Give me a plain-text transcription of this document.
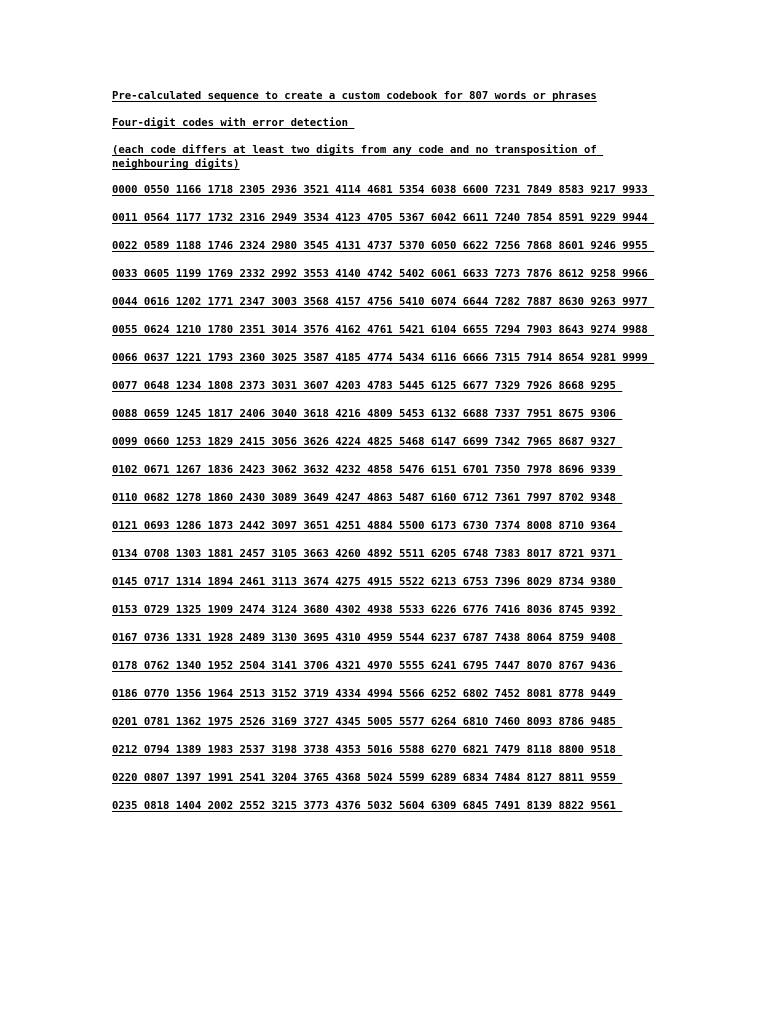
Pre-calculated sequence to create a custom codebook for 807 words or phrases

Four-digit codes with error detection

(each code differs at least two digits from any code and no transposition of neighbouring digits)

0000 0550 1166 1718 2305 2936 3521 4114 4681 5354 6038 6600 7231 7849 8583 9217 9933

0011 0564 1177 1732 2316 2949 3534 4123 4705 5367 6042 6611 7240 7854 8591 9229 9944

0022 0589 1188 1746 2324 2980 3545 4131 4737 5370 6050 6622 7256 7868 8601 9246 9955

0033 0605 1199 1769 2332 2992 3553 4140 4742 5402 6061 6633 7273 7876 8612 9258 9966

0044 0616 1202 1771 2347 3003 3568 4157 4756 5410 6074 6644 7282 7887 8630 9263 9977

0055 0624 1210 1780 2351 3014 3576 4162 4761 5421 6104 6655 7294 7903 8643 9274 9988

0066 0637 1221 1793 2360 3025 3587 4185 4774 5434 6116 6666 7315 7914 8654 9281 9999

0077 0648 1234 1808 2373 3031 3607 4203 4783 5445 6125 6677 7329 7926 8668 9295

0088 0659 1245 1817 2406 3040 3618 4216 4809 5453 6132 6688 7337 7951 8675 9306

0099 0660 1253 1829 2415 3056 3626 4224 4825 5468 6147 6699 7342 7965 8687 9327

0102 0671 1267 1836 2423 3062 3632 4232 4858 5476 6151 6701 7350 7978 8696 9339

0110 0682 1278 1860 2430 3089 3649 4247 4863 5487 6160 6712 7361 7997 8702 9348

0121 0693 1286 1873 2442 3097 3651 4251 4884 5500 6173 6730 7374 8008 8710 9364

0134 0708 1303 1881 2457 3105 3663 4260 4892 5511 6205 6748 7383 8017 8721 9371

0145 0717 1314 1894 2461 3113 3674 4275 4915 5522 6213 6753 7396 8029 8734 9380

0153 0729 1325 1909 2474 3124 3680 4302 4938 5533 6226 6776 7416 8036 8745 9392

0167 0736 1331 1928 2489 3130 3695 4310 4959 5544 6237 6787 7438 8064 8759 9408

0178 0762 1340 1952 2504 3141 3706 4321 4970 5555 6241 6795 7447 8070 8767 9436

0186 0770 1356 1964 2513 3152 3719 4334 4994 5566 6252 6802 7452 8081 8778 9449

0201 0781 1362 1975 2526 3169 3727 4345 5005 5577 6264 6810 7460 8093 8786 9485

0212 0794 1389 1983 2537 3198 3738 4353 5016 5588 6270 6821 7479 8118 8800 9518

0220 0807 1397 1991 2541 3204 3765 4368 5024 5599 6289 6834 7484 8127 8811 9559

0235 0818 1404 2002 2552 3215 3773 4376 5032 5604 6309 6845 7491 8139 8822 9561
